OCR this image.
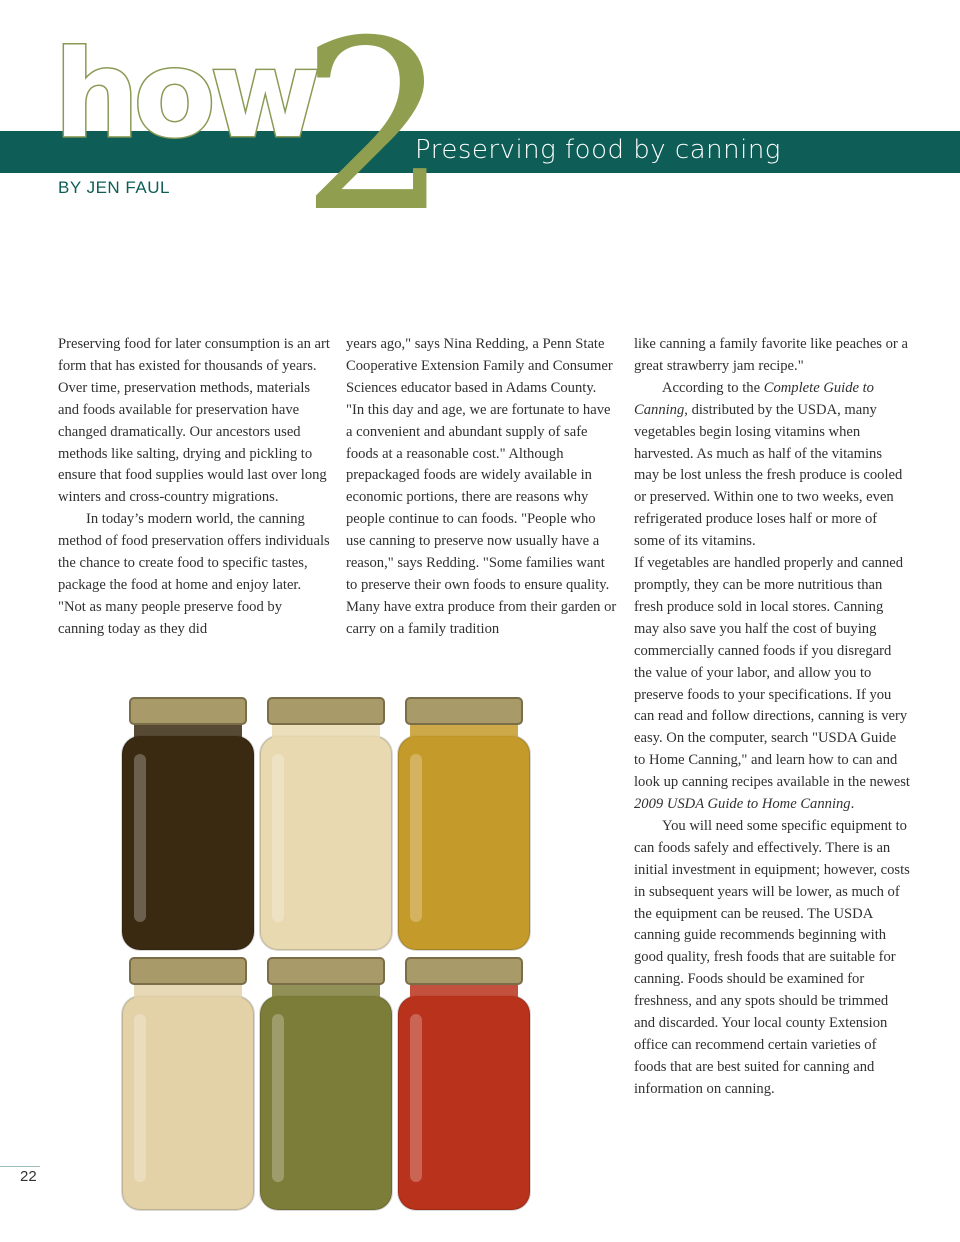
how
2
Preserving food by canning
BY JEN FAUL

Preserving food for later consumption is an art form that has existed for thousands of years. Over time, preservation methods, materials and foods available for preservation have changed dramatically. Our ancestors used methods like salting, drying and pickling to ensure that food supplies would last over long winters and cross-country migrations.

In today’s modern world, the canning method of food preservation offers individuals the chance to create food to specific tastes, package the food at home and enjoy later. "Not as many people preserve food by canning today as they did

years ago," says Nina Redding, a Penn State Cooperative Extension Family and Consumer Sciences educator based in Adams County. "In this day and age, we are fortunate to have a convenient and abundant supply of safe foods at a reasonable cost." Although prepackaged foods are widely available in economic portions, there are reasons why people continue to can foods. "People who use canning to preserve now usually have a reason," says Redding. "Some families want to preserve their own foods to ensure quality. Many have extra produce from their garden or carry on a family tradition

like canning a family favorite like peaches or a great strawberry jam recipe."

According to the Complete Guide to Canning, distributed by the USDA, many vegetables begin losing vitamins when harvested. As much as half of the vitamins may be lost unless the fresh produce is cooled or preserved. Within one to two weeks, even refrigerated produce loses half or more of some of its vitamins.

If vegetables are handled properly and canned promptly, they can be more nutritious than fresh produce sold in local stores. Canning may also save you half the cost of buying commercially canned foods if you disregard the value of your labor, and allow you to preserve foods to your specifications. If you can read and follow directions, canning is very easy. On the computer, search "USDA Guide to Home Canning," and learn how to can and look up canning recipes available in the newest 2009 USDA Guide to Home Canning.

You will need some specific equipment to can foods safely and effectively. There is an initial investment in equipment; however, costs in subsequent years will be lower, as much of the equipment can be reused. The USDA canning guide recommends beginning with good quality, fresh foods that are suitable for canning. Foods should be examined for freshness, and any spots should be trimmed and discarded. Your local county Extension office can recommend certain varieties of foods that are best suited for canning and information on canning.

22
